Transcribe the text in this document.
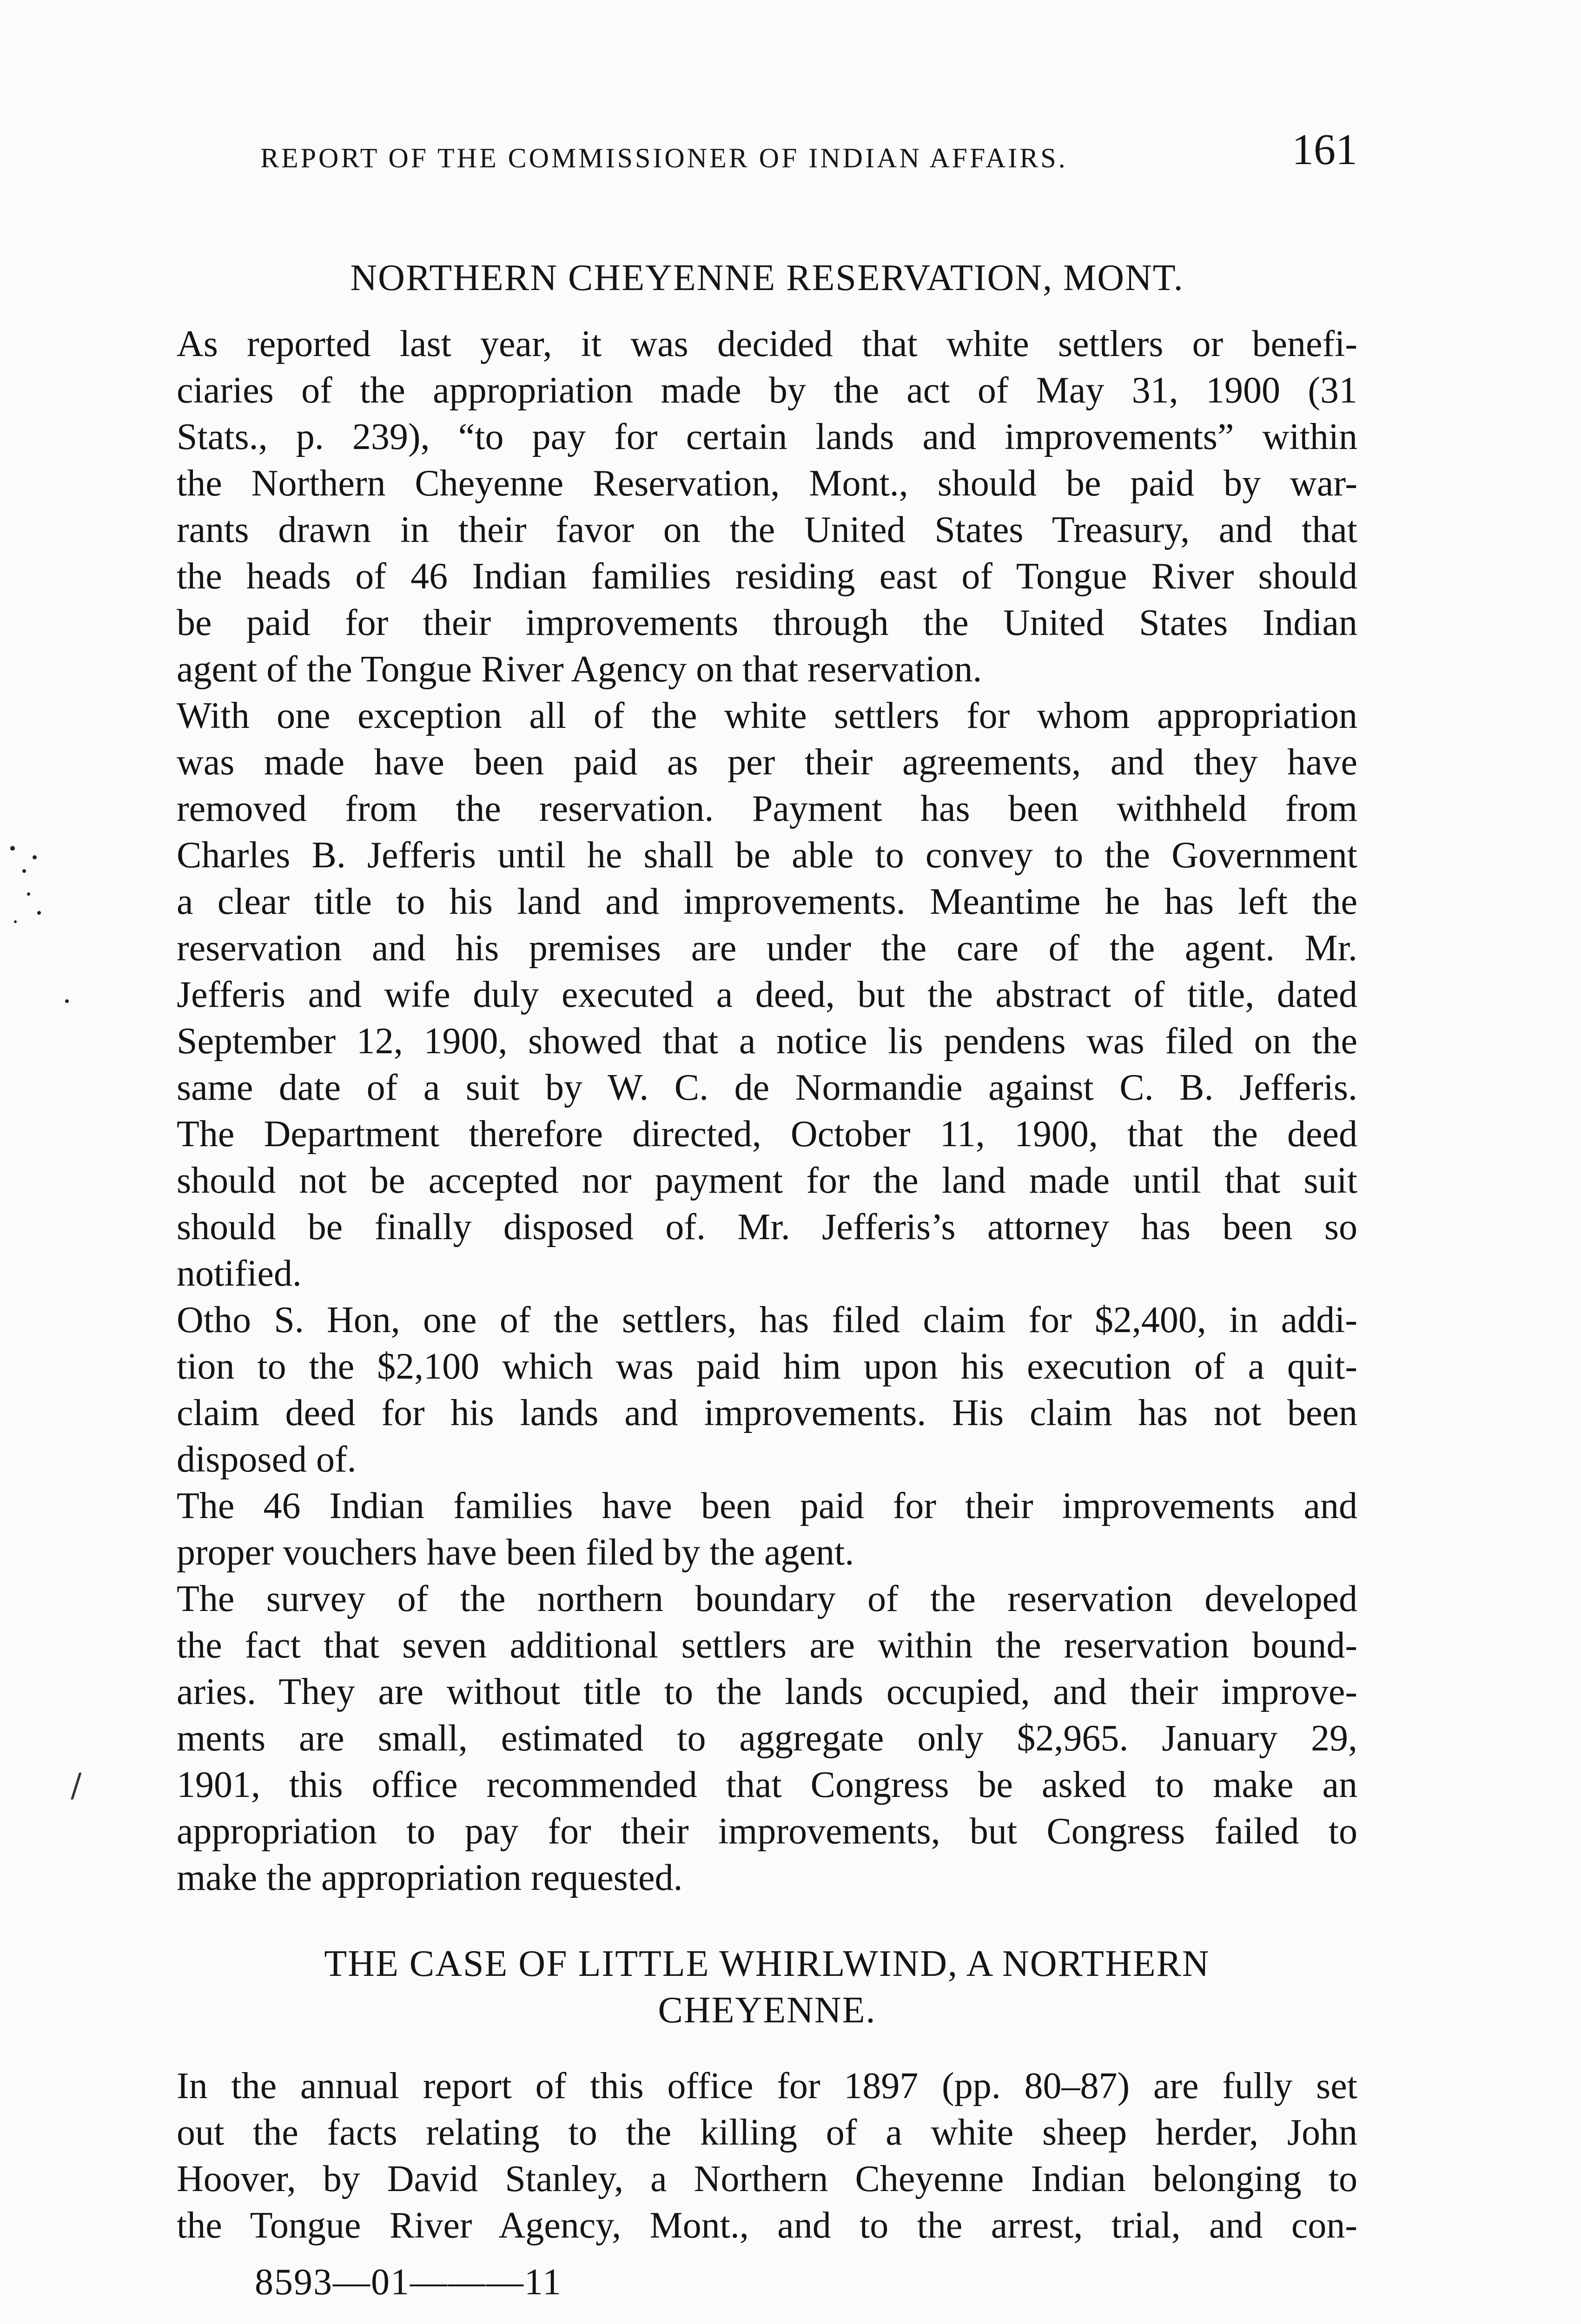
REPORT OF THE COMMISSIONER OF INDIAN AFFAIRS.	161
NORTHERN CHEYENNE RESERVATION, MONT.

As reported last year, it was decided that white settlers or benefi-
ciaries of the appropriation made by the act of May 31, 1900 (31
Stats., p. 239), “to pay for certain lands and improvements” within
the Northern Cheyenne Reservation, Mont., should be paid by war-
rants drawn in their favor on the United States Treasury, and that
the heads of 46 Indian families residing east of Tongue River should
be paid for their improvements through the United States Indian
agent of the Tongue River Agency on that reservation.

With one exception all of the white settlers for whom appropriation
was made have been paid as per their agreements, and they have
removed from the reservation. Payment has been withheld from
Charles B. Jefferis until he shall be able to convey to the Government
a clear title to his land and improvements. Meantime he has left the
reservation and his premises are under the care of the agent. Mr.
Jefferis and wife duly executed a deed, but the abstract of title, dated
September 12, 1900, showed that a notice lis pendens was filed on the
same date of a suit by W. C. de Normandie against C. B. Jefferis.
The Department therefore directed, October 11, 1900, that the deed
should not be accepted nor payment for the land made until that suit
should be finally disposed of. Mr. Jefferis’s attorney has been so
notified.

Otho S. Hon, one of the settlers, has filed claim for $2,400, in addi-
tion to the $2,100 which was paid him upon his execution of a quit-
claim deed for his lands and improvements. His claim has not been
disposed of.

The 46 Indian families have been paid for their improvements and
proper vouchers have been filed by the agent.

The survey of the northern boundary of the reservation developed
the fact that seven additional settlers are within the reservation bound-
aries. They are without title to the lands occupied, and their improve-
ments are small, estimated to aggregate only $2,965. January 29,
1901, this office recommended that Congress be asked to make an
appropriation to pay for their improvements, but Congress failed to
make the appropriation requested.

THE CASE OF LITTLE WHIRLWIND, A NORTHERN
CHEYENNE.

In the annual report of this office for 1897 (pp. 80–87) are fully set
out the facts relating to the killing of a white sheep herder, John
Hoover, by David Stanley, a Northern Cheyenne Indian belonging to
the Tongue River Agency, Mont., and to the arrest, trial, and con-

8593—01———11
/
